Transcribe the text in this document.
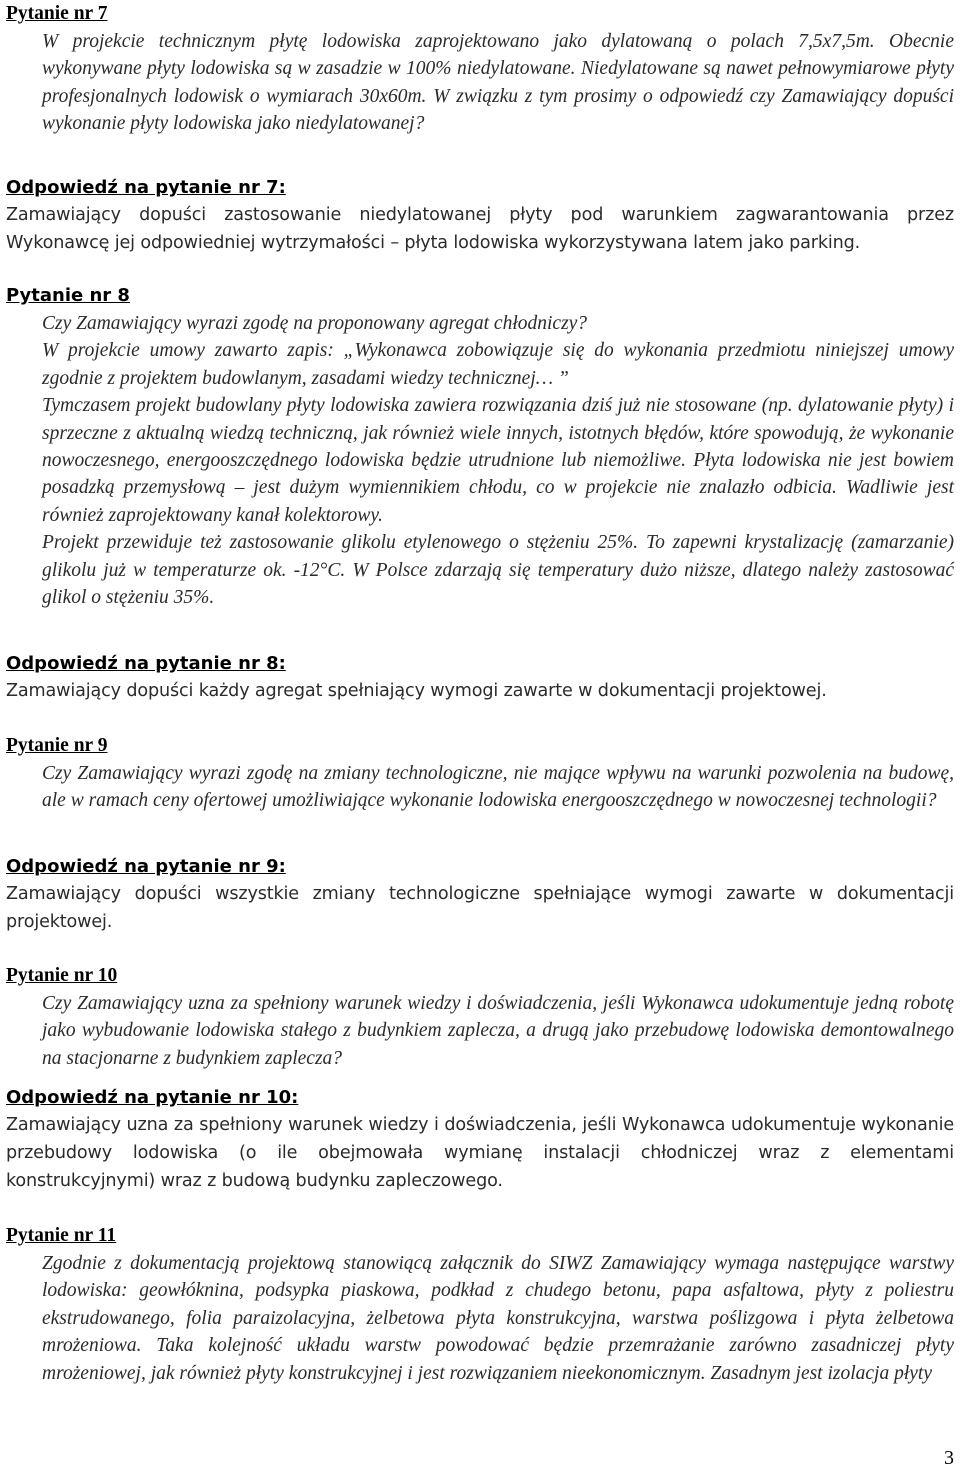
Pytanie nr 7

W projekcie technicznym płytę lodowiska zaprojektowano jako dylatowaną o polach 7,5x7,5m. Obecnie wykonywane płyty lodowiska są w zasadzie w 100% niedylatowane. Niedylatowane są nawet pełnowymiarowe płyty profesjonalnych lodowisk o wymiarach 30x60m. W związku z tym prosimy o odpowiedź czy Zamawiający dopuści wykonanie płyty lodowiska jako niedylatowanej?

Odpowiedź na pytanie nr 7:

Zamawiający dopuści zastosowanie niedylatowanej płyty pod warunkiem zagwarantowania przez Wykonawcę jej odpowiedniej wytrzymałości – płyta lodowiska wykorzystywana latem jako parking.

Pytanie nr 8

Czy Zamawiający wyrazi zgodę na proponowany agregat chłodniczy?

W projekcie umowy zawarto zapis: „Wykonawca zobowiązuje się do wykonania przedmiotu niniejszej umowy zgodnie z projektem budowlanym, zasadami wiedzy technicznej… ”

Tymczasem projekt budowlany płyty lodowiska zawiera rozwiązania dziś już nie stosowane (np. dylatowanie płyty) i sprzeczne z aktualną wiedzą techniczną, jak również wiele innych, istotnych błędów, które spowodują, że wykonanie nowoczesnego, energooszczędnego lodowiska będzie utrudnione lub niemożliwe. Płyta lodowiska nie jest bowiem posadzką przemysłową – jest dużym wymiennikiem chłodu, co w projekcie nie znalazło odbicia. Wadliwie jest również zaprojektowany kanał kolektorowy.

Projekt przewiduje też zastosowanie glikolu etylenowego o stężeniu 25%. To zapewni krystalizację (zamarzanie) glikolu już w temperaturze ok. -12°C. W Polsce zdarzają się temperatury dużo niższe, dlatego należy zastosować glikol o stężeniu 35%.

Odpowiedź na pytanie nr 8:

Zamawiający dopuści każdy agregat spełniający wymogi zawarte w dokumentacji projektowej.

Pytanie nr 9

Czy Zamawiający wyrazi zgodę na zmiany technologiczne, nie mające wpływu na warunki pozwolenia na budowę, ale w ramach ceny ofertowej umożliwiające wykonanie lodowiska energooszczędnego w nowoczesnej technologii?

Odpowiedź na pytanie nr 9:

Zamawiający dopuści wszystkie zmiany technologiczne spełniające wymogi zawarte w dokumentacji projektowej.

Pytanie nr 10

Czy Zamawiający uzna za spełniony warunek wiedzy i doświadczenia, jeśli Wykonawca udokumentuje jedną robotę jako wybudowanie lodowiska stałego z budynkiem zaplecza, a drugą jako przebudowę lodowiska demontowalnego na stacjonarne z budynkiem zaplecza?

Odpowiedź na pytanie nr 10:

Zamawiający uzna za spełniony warunek wiedzy i doświadczenia, jeśli Wykonawca udokumentuje wykonanie przebudowy lodowiska (o ile obejmowała wymianę instalacji chłodniczej wraz z elementami konstrukcyjnymi) wraz z budową budynku zapleczowego.

Pytanie nr 11

Zgodnie z dokumentacją projektową stanowiącą załącznik do SIWZ Zamawiający wymaga następujące warstwy lodowiska: geowłóknina, podsypka piaskowa, podkład z chudego betonu, papa asfaltowa, płyty z poliestru ekstrudowanego, folia paraizolacyjna, żelbetowa płyta konstrukcyjna, warstwa poślizgowa i płyta żelbetowa mrożeniowa. Taka kolejność układu warstw powodować będzie przemrażanie zarówno zasadniczej płyty mrożeniowej, jak również płyty konstrukcyjnej i jest rozwiązaniem nieekonomicznym. Zasadnym jest izolacja płyty

3
